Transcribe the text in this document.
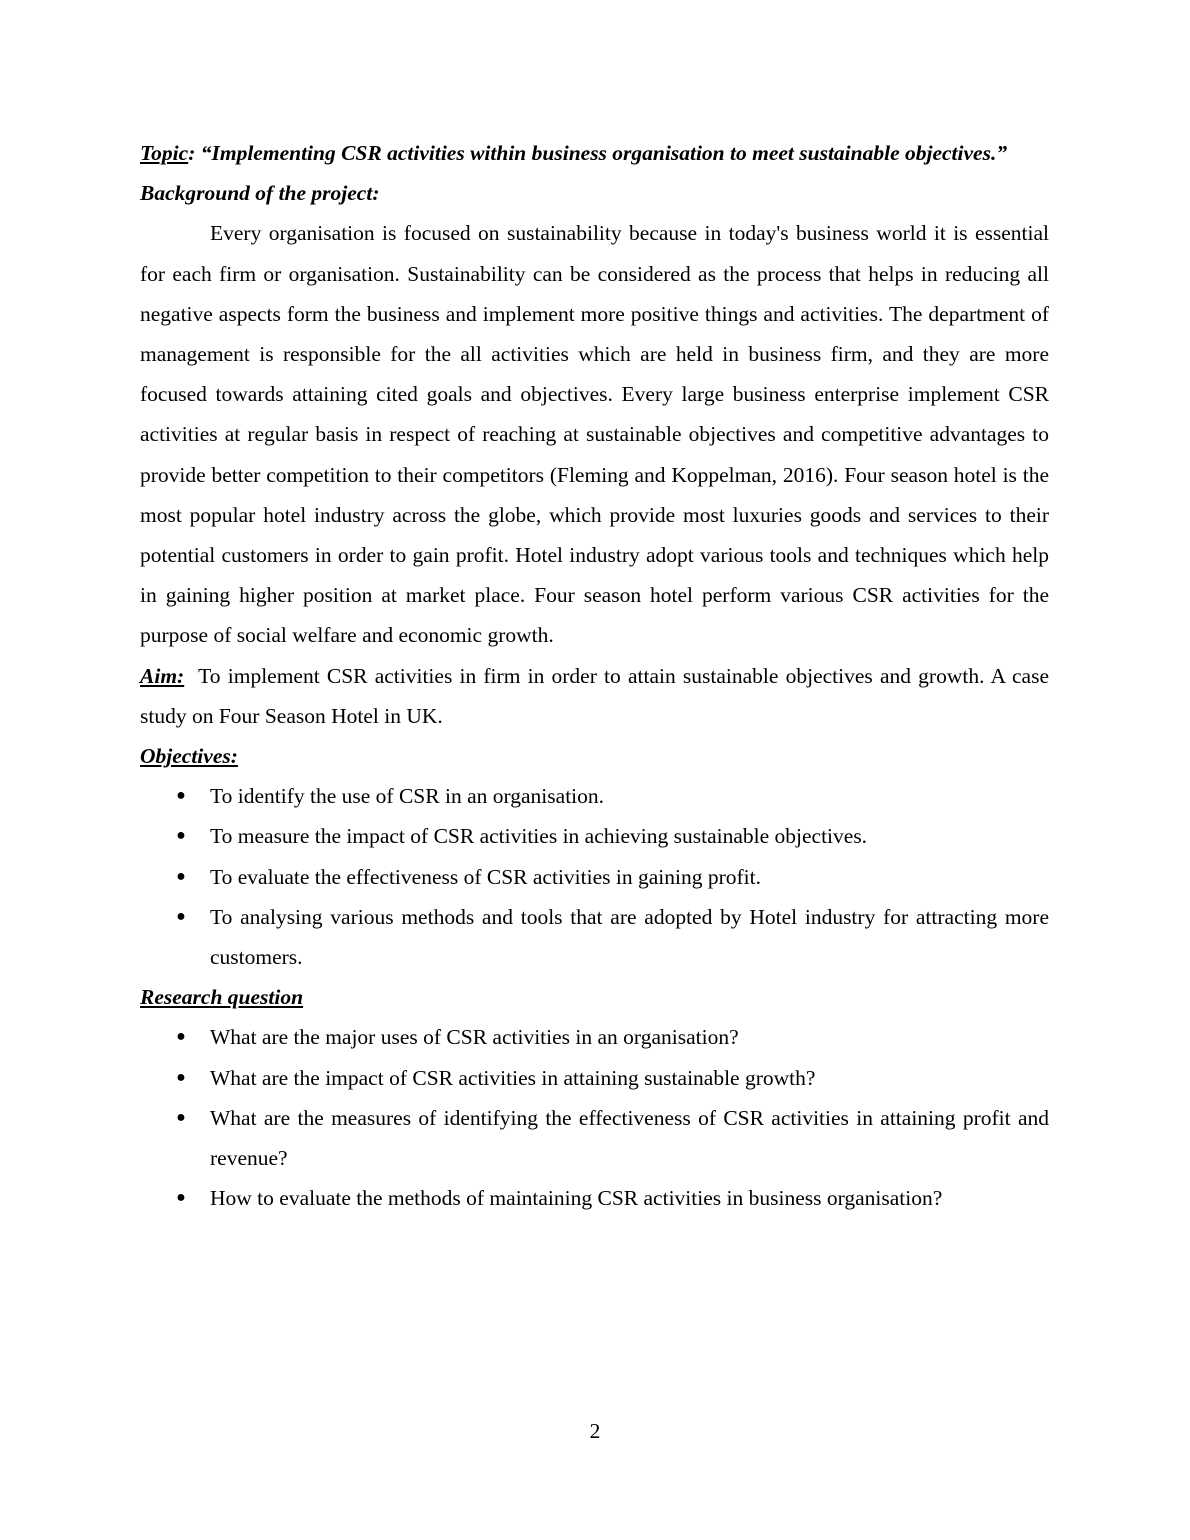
Topic: “Implementing CSR activities within business organisation to meet sustainable objectives.”

Background of the project:

Every organisation is focused on sustainability because in today's business world it is essential for each firm or organisation. Sustainability can be considered as the process that helps in reducing all negative aspects form the business and implement more positive things and activities. The department of management is responsible for the all activities which are held in business firm, and they are more focused towards attaining cited goals and objectives. Every large business enterprise implement CSR activities at regular basis in respect of reaching at sustainable objectives and competitive advantages to provide better competition to their competitors (Fleming and Koppelman, 2016). Four season hotel is the most popular hotel industry across the globe, which provide most luxuries goods and services to their potential customers in order to gain profit. Hotel industry adopt various tools and techniques which help in gaining higher position at market place. Four season hotel perform various CSR activities for the purpose of social welfare and economic growth.

Aim:  To implement CSR activities in firm in order to attain sustainable objectives and growth. A case study on Four Season Hotel in UK.

Objectives:

● To identify the use of CSR in an organisation.
● To measure the impact of CSR activities in achieving sustainable objectives.
● To evaluate the effectiveness of CSR activities in gaining profit.
● To analysing various methods and tools that are adopted by Hotel industry for attracting more customers.

Research question

● What are the major uses of CSR activities in an organisation?
● What are the impact of CSR activities in attaining sustainable growth?
● What are the measures of identifying the effectiveness of CSR activities in attaining profit and revenue?
● How to evaluate the methods of maintaining CSR activities in business organisation?
2
